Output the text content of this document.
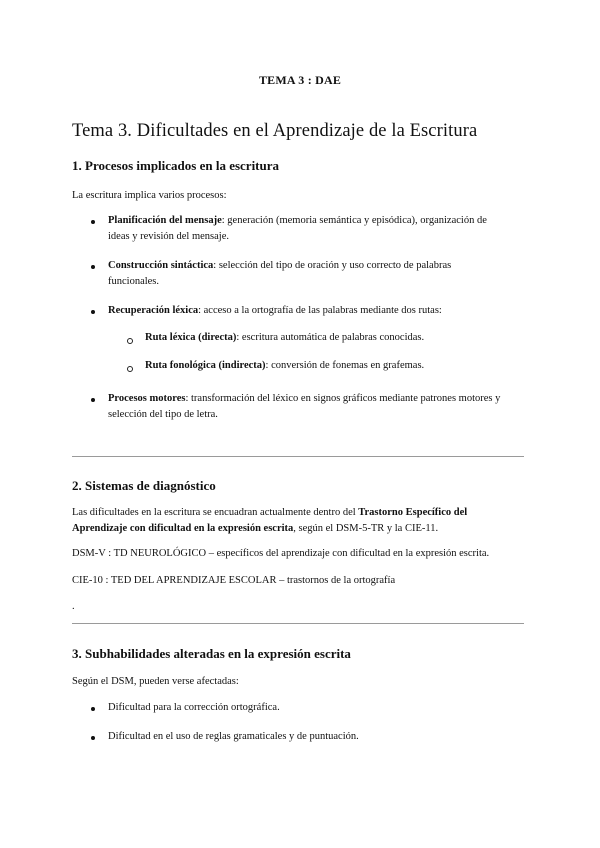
TEMA 3 : DAE
Tema 3. Dificultades en el Aprendizaje de la Escritura
1. Procesos implicados en la escritura
La escritura implica varios procesos:
Planificación del mensaje: generación (memoria semántica y episódica), organización de
ideas y revisión del mensaje.
Construcción sintáctica: selección del tipo de oración y uso correcto de palabras
funcionales.
Recuperación léxica: acceso a la ortografía de las palabras mediante dos rutas:
Ruta léxica (directa): escritura automática de palabras conocidas.
Ruta fonológica (indirecta): conversión de fonemas en grafemas.
Procesos motores: transformación del léxico en signos gráficos mediante patrones motores y
selección del tipo de letra.
2. Sistemas de diagnóstico
Las dificultades en la escritura se encuadran actualmente dentro del Trastorno Específico del
Aprendizaje con dificultad en la expresión escrita, según el DSM-5-TR y la CIE-11.
DSM-V : TD NEUROLÓGICO – específicos del aprendizaje con dificultad en la expresión escrita.
CIE-10 : TED DEL APRENDIZAJE ESCOLAR – trastornos de la ortografía
.
3. Subhabilidades alteradas en la expresión escrita
Según el DSM, pueden verse afectadas:
Dificultad para la corrección ortográfica.
Dificultad en el uso de reglas gramaticales y de puntuación.
